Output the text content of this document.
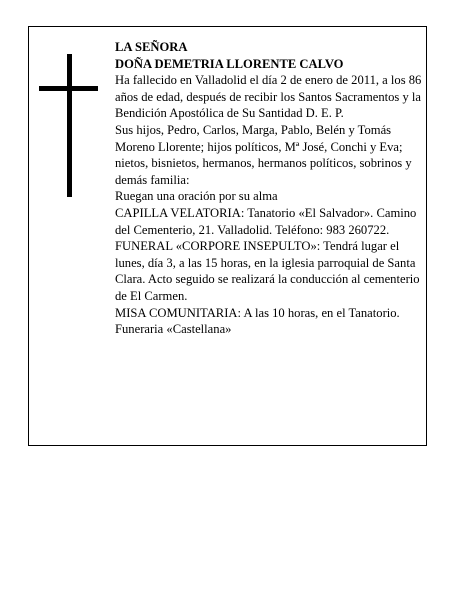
LA SEÑORA

DOÑA DEMETRIA LLORENTE CALVO

Ha fallecido en Valladolid el día 2 de enero de 2011, a los 86 años de edad, después de recibir los Santos Sacramentos y la Bendición Apostólica de Su Santidad D. E. P.

Sus hijos, Pedro, Carlos, Marga, Pablo, Belén y Tomás Moreno Llorente; hijos políticos, Mª José, Conchi y Eva; nietos, bisnietos, hermanos, hermanos políticos, sobrinos y demás familia:

Ruegan una oración por su alma

CAPILLA VELATORIA: Tanatorio «El Salvador». Camino del Cementerio, 21. Valladolid. Teléfono: 983 260722.

FUNERAL «CORPORE INSEPULTO»: Tendrá lugar el lunes, día 3, a las 15 horas, en la iglesia parroquial de Santa Clara. Acto seguido se realizará la conducción al cementerio de El Carmen.

MISA COMUNITARIA: A las 10 horas, en el Tanatorio.

Funeraria «Castellana»
